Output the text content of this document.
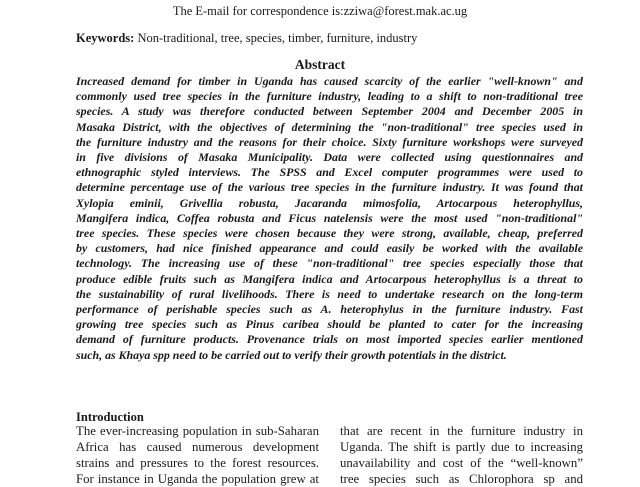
The E-mail for correspondence is:zziwa@forest.mak.ac.ug
Keywords: Non-traditional, tree, species, timber, furniture, industry
Abstract
Increased demand for timber in Uganda has caused scarcity of the earlier "well-known" and
commonly used tree species in the furniture industry, leading to a shift to non-traditional tree
species. A study was therefore conducted between September 2004 and December 2005 in
Masaka District, with the objectives of determining the "non-traditional" tree species used in
the furniture industry and the reasons for their choice. Sixty furniture workshops were surveyed
in five divisions of Masaka Municipality. Data were collected using questionnaires and
ethnographic styled interviews. The SPSS and Excel computer programmes were used to
determine percentage use of the various tree species in the furniture industry. It was found that
Xylopia eminii, Grivellia robusta, Jacaranda mimosfolia, Artocarpous heterophyllus,
Mangifera indica, Coffea robusta and Ficus natelensis were the most used "non-traditional"
tree species. These species were chosen because they were strong, available, cheap, preferred
by customers, had nice finished appearance and could easily be worked with the available
technology. The increasing use of these "non-traditional" tree species especially those that
produce edible fruits such as Mangifera indica and Artocarpous heterophyllus is a threat to
the sustainability of rural livelihoods. There is need to undertake research on the long-term
performance of perishable species such as A. heterophylus in the furniture industry. Fast
growing tree species such as Pinus caribea should be planted to cater for the increasing
demand of furniture products. Provenance trials on most imported species earlier mentioned
such, as Khaya spp need to be carried out to verify their growth potentials in the district.
Introduction
The ever-increasing population in sub-Saharan
Africa has caused numerous development
strains and pressures to the forest resources.
For instance in Uganda the population grew at
that are recent in the furniture industry in
Uganda. The shift is partly due to increasing
unavailability and cost of the “well-known”
tree species such as Chlorophora sp and
